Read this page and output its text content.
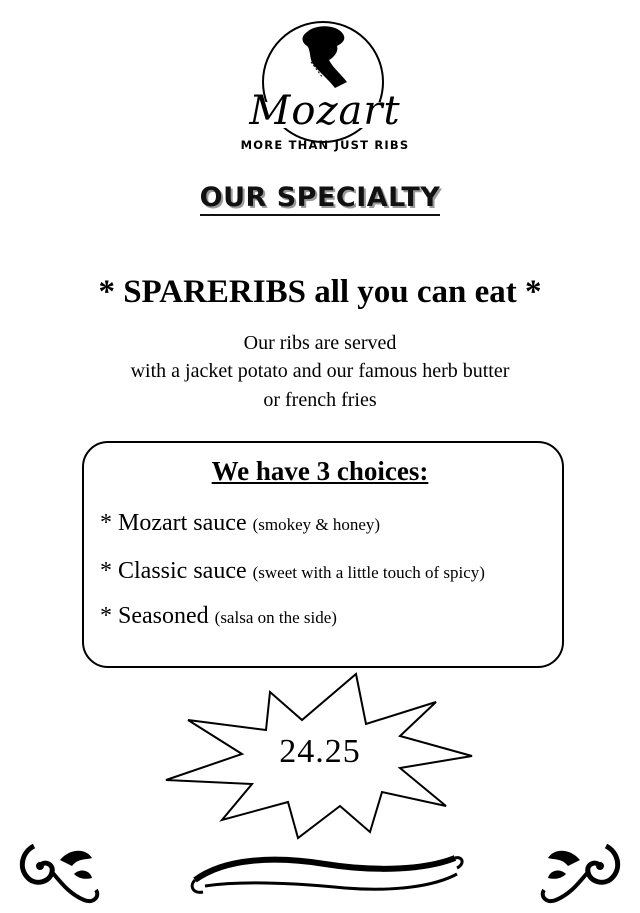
Mozart
MORE THAN JUST RIBS
OUR SPECIALTY
* SPARERIBS all you can eat *
Our ribs are served
with a jacket potato and our famous herb butter
or french fries
We have 3 choices:
* Mozart sauce (smokey & honey)
* Classic sauce (sweet with a little touch of spicy)
* Seasoned (salsa on the side)
24.25
